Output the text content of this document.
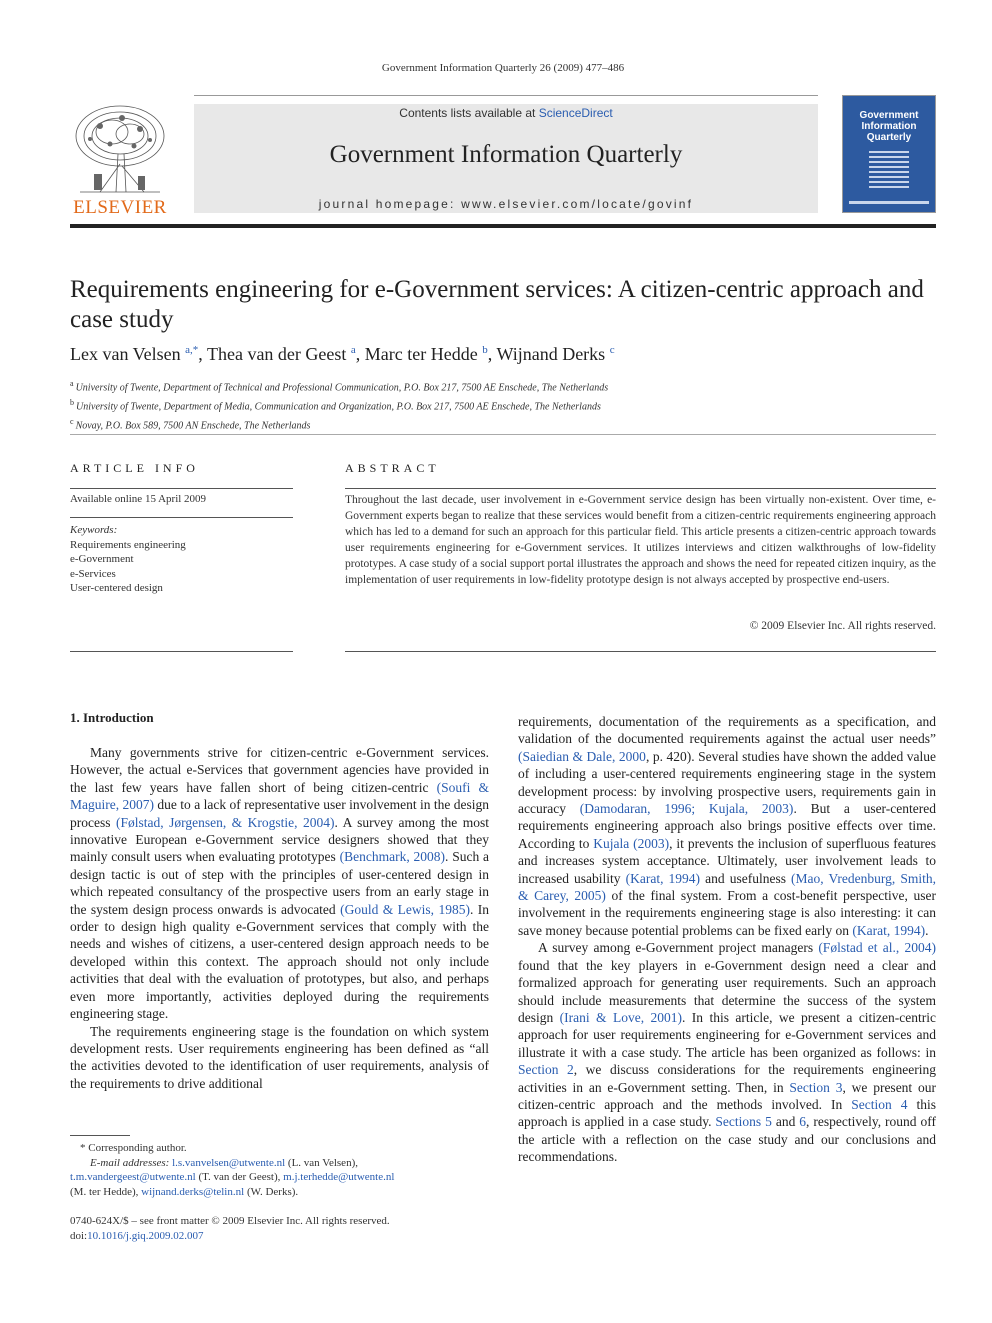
Government Information Quarterly 26 (2009) 477–486
ELSEVIER
Contents lists available at ScienceDirect
Government Information Quarterly
journal homepage: www.elsevier.com/locate/govinf
Government
Information
Quarterly
Requirements engineering for e-Government services: A citizen-centric approach and case study
Lex van Velsen $^{a,*}$, Thea van der Geest $^a$, Marc ter Hedde $^b$, Wijnand Derks $^c$
$^a$ University of Twente, Department of Technical and Professional Communication, P.O. Box 217, 7500 AE Enschede, The Netherlands
$^b$ University of Twente, Department of Media, Communication and Organization, P.O. Box 217, 7500 AE Enschede, The Netherlands
$^c$ Novay, P.O. Box 589, 7500 AN Enschede, The Netherlands
ARTICLE INFO
Available online 15 April 2009
Keywords:
Requirements engineering
e-Government
e-Services
User-centered design
ABSTRACT
Throughout the last decade, user involvement in e-Government service design has been virtually non-existent. Over time, e-Government experts began to realize that these services would benefit from a citizen-centric requirements engineering approach which has led to a demand for such an approach for this particular field. This article presents a citizen-centric approach towards user requirements engineering for e-Government services. It utilizes interviews and citizen walkthroughs of low-fidelity prototypes. A case study of a social support portal illustrates the approach and shows the need for repeated citizen inquiry, as the implementation of user requirements in low-fidelity prototype design is not always accepted by prospective end-users.
© 2009 Elsevier Inc. All rights reserved.
1. Introduction

Many governments strive for citizen-centric e-Government services. However, the actual e-Services that government agencies have provided in the last few years have fallen short of being citizen-centric (Soufi & Maguire, 2007) due to a lack of representative user involvement in the design process (Følstad, Jørgensen, & Krogstie, 2004). A survey among the most innovative European e-Government service designers showed that they mainly consult users when evaluating prototypes (Benchmark, 2008). Such a design tactic is out of step with the principles of user-centered design in which repeated consultancy of the prospective users from an early stage in the system design process onwards is advocated (Gould & Lewis, 1985). In order to design high quality e-Government services that comply with the needs and wishes of citizens, a user-centered design approach needs to be developed within this context. The approach should not only include activities that deal with the evaluation of prototypes, but also, and perhaps even more importantly, activities deployed during the requirements engineering stage.

The requirements engineering stage is the foundation on which system development rests. User requirements engineering has been defined as “all the activities devoted to the identification of user requirements, analysis of the requirements to drive additional

requirements, documentation of the requirements as a specification, and validation of the documented requirements against the actual user needs” (Saiedian & Dale, 2000, p. 420). Several studies have shown the added value of including a user-centered requirements engineering stage in the system development process: by involving prospective users, requirements gain in accuracy (Damodaran, 1996; Kujala, 2003). But a user-centered requirements engineering approach also brings positive effects over time. According to Kujala (2003), it prevents the inclusion of superfluous features and increases system acceptance. Ultimately, user involvement leads to increased usability (Karat, 1994) and usefulness (Mao, Vredenburg, Smith, & Carey, 2005) of the final system. From a cost-benefit perspective, user involvement in the requirements engineering stage is also interesting: it can save money because potential problems can be fixed early on (Karat, 1994).

A survey among e-Government project managers (Følstad et al., 2004) found that the key players in e-Government design need a clear and formalized approach for generating user requirements. Such an approach should include measurements that determine the success of the system design (Irani & Love, 2001). In this article, we present a citizen-centric approach for user requirements engineering for e-Government services and illustrate it with a case study. The article has been organized as follows: in Section 2, we discuss considerations for the requirements engineering activities in an e-Government setting. Then, in Section 3, we present our citizen-centric approach and the methods involved. In Section 4 this approach is applied in a case study. Sections 5 and 6, respectively, round off the article with a reflection on the case study and our conclusions and recommendations.

* Corresponding author.
E-mail addresses: l.s.vanvelsen@utwente.nl (L. van Velsen),
t.m.vandergeest@utwente.nl (T. van der Geest), m.j.terhedde@utwente.nl
(M. ter Hedde), wijnand.derks@telin.nl (W. Derks).
0740-624X/$ – see front matter © 2009 Elsevier Inc. All rights reserved.
doi:10.1016/j.giq.2009.02.007
